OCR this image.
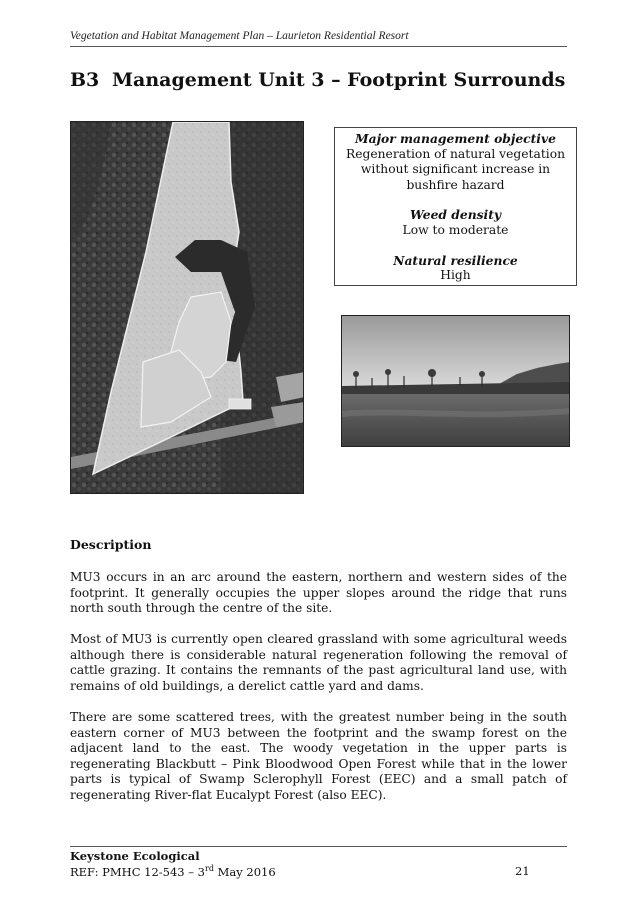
Vegetation and Habitat Management Plan – Laurieton Residential Resort
B3 Management Unit 3 – Footprint Surrounds
Major management objective
Regeneration of natural vegetation without significant increase in bushfire hazard
Weed density
Low to moderate
Natural resilience
High
Description

MU3 occurs in an arc around the eastern, northern and western sides of the footprint. It generally occupies the upper slopes around the ridge that runs north south through the centre of the site.

Most of MU3 is currently open cleared grassland with some agricultural weeds although there is considerable natural regeneration following the removal of cattle grazing. It contains the remnants of the past agricultural land use, with remains of old buildings, a derelict cattle yard and dams.

There are some scattered trees, with the greatest number being in the south eastern corner of MU3 between the footprint and the swamp forest on the adjacent land to the east. The woody vegetation in the upper parts is regenerating Blackbutt – Pink Bloodwood Open Forest while that in the lower parts is typical of Swamp Sclerophyll Forest (EEC) and a small patch of regenerating River-flat Eucalypt Forest (also EEC).

Keystone Ecological
REF: PMHC 12-543 – 3rd May 2016	21
